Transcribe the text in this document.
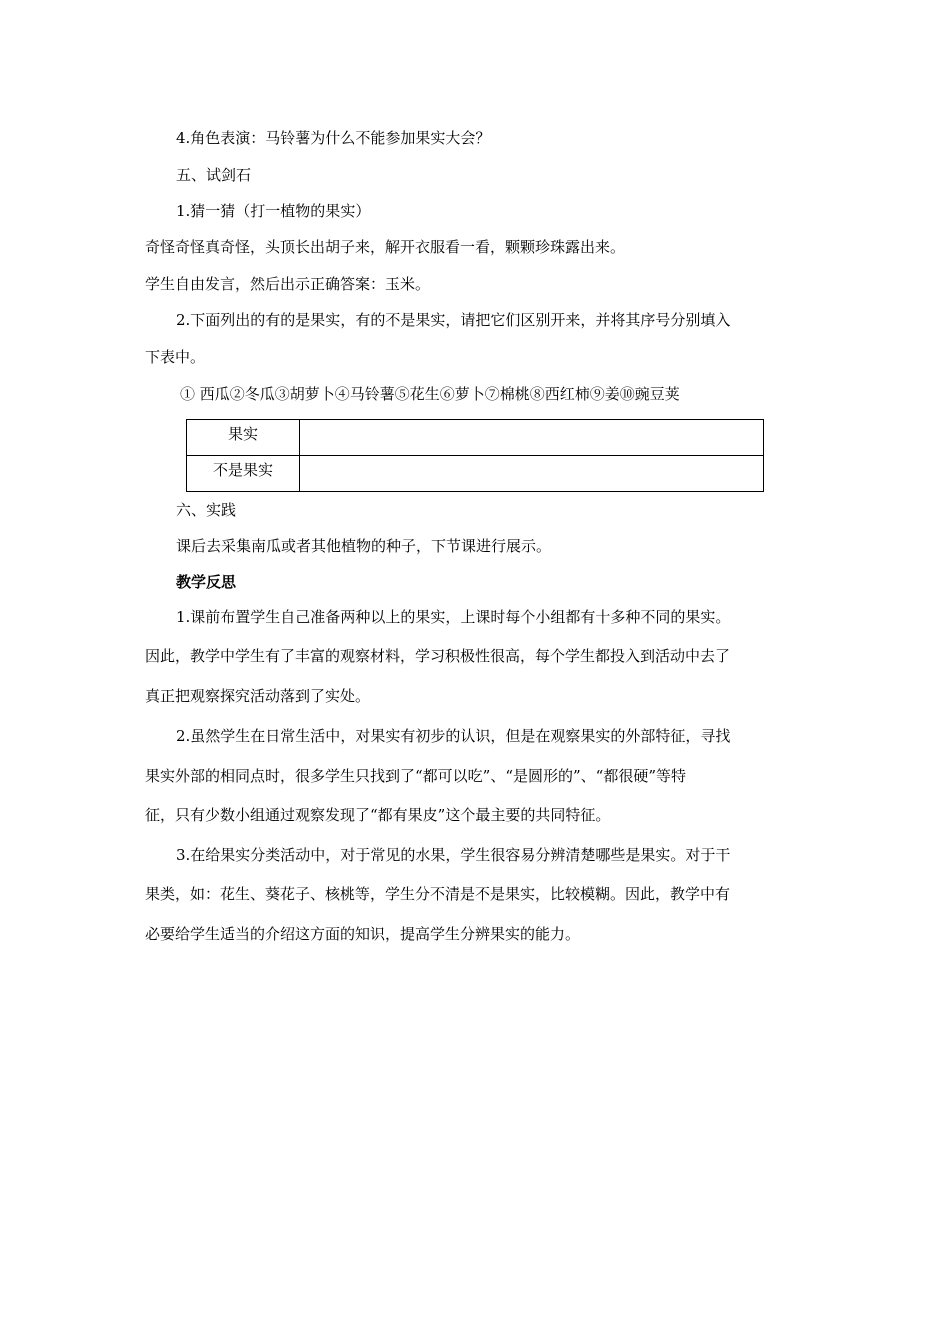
4.角色表演：马铃薯为什么不能参加果实大会？
五、试剑石
1.猜一猜（打一植物的果实）
奇怪奇怪真奇怪，头顶长出胡子来，解开衣服看一看，颗颗珍珠露出来。
学生自由发言，然后出示正确答案：玉米。
2.下面列出的有的是果实，有的不是果实，请把它们区别开来，并将其序号分别填入
下表中。
① 西瓜②冬瓜③胡萝卜④马铃薯⑤花生⑥萝卜⑦棉桃⑧西红柿⑨姜⑩豌豆荚
果实	
不是果实	
六、实践
课后去采集南瓜或者其他植物的种子，下节课进行展示。
教学反思
1.课前布置学生自己准备两种以上的果实，上课时每个小组都有十多种不同的果实。
因此，教学中学生有了丰富的观察材料，学习积极性很高，每个学生都投入到活动中去了
真正把观察探究活动落到了实处。
2.虽然学生在日常生活中，对果实有初步的认识，但是在观察果实的外部特征，寻找
果实外部的相同点时，很多学生只找到了“都可以吃”、“是圆形的”、“都很硬”等特
征，只有少数小组通过观察发现了“都有果皮”这个最主要的共同特征。
3.在给果实分类活动中，对于常见的水果，学生很容易分辨清楚哪些是果实。对于干
果类，如：花生、葵花子、核桃等，学生分不清是不是果实，比较模糊。因此，教学中有
必要给学生适当的介绍这方面的知识，提高学生分辨果实的能力。
